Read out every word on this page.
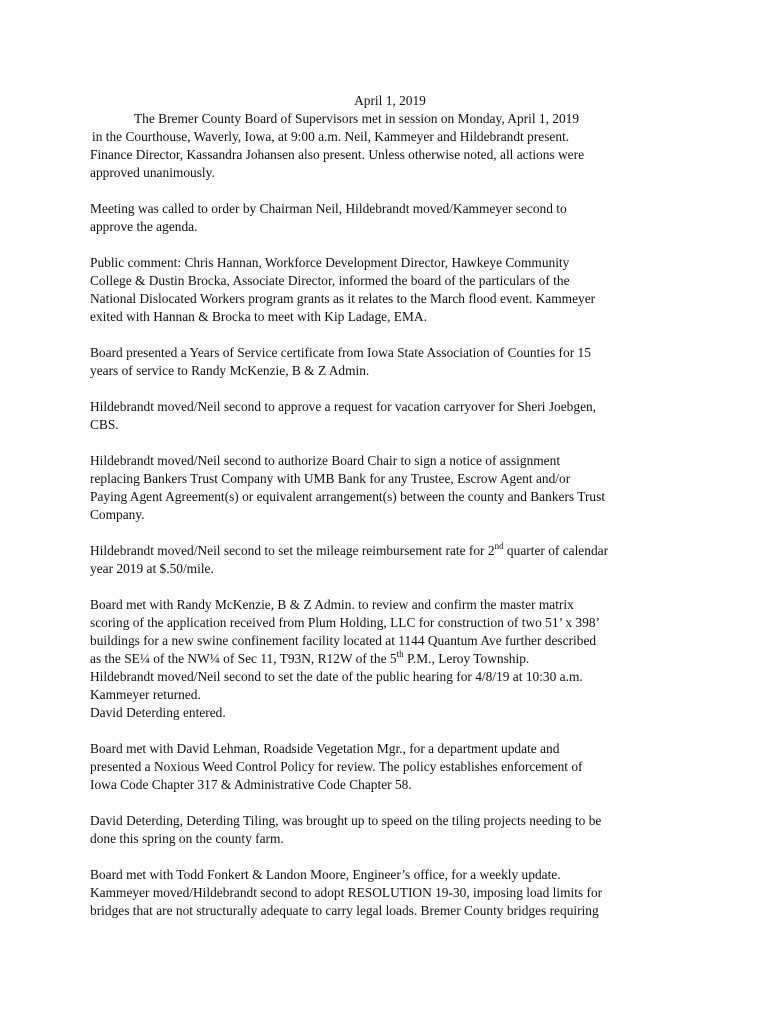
April 1, 2019

The Bremer County Board of Supervisors met in session on Monday, April 1, 2019

in the Courthouse, Waverly, Iowa, at 9:00 a.m. Neil, Kammeyer and Hildebrandt present.

Finance Director, Kassandra Johansen also present. Unless otherwise noted, all actions were

approved unanimously.

Meeting was called to order by Chairman Neil, Hildebrandt moved/Kammeyer second to

approve the agenda.

Public comment: Chris Hannan, Workforce Development Director, Hawkeye Community

College & Dustin Brocka, Associate Director, informed the board of the particulars of the

National Dislocated Workers program grants as it relates to the March flood event. Kammeyer

exited with Hannan & Brocka to meet with Kip Ladage, EMA.

Board presented a Years of Service certificate from Iowa State Association of Counties for 15

years of service to Randy McKenzie, B & Z Admin.

Hildebrandt moved/Neil second to approve a request for vacation carryover for Sheri Joebgen,

CBS.

Hildebrandt moved/Neil second to authorize Board Chair to sign a notice of assignment

replacing Bankers Trust Company with UMB Bank for any Trustee, Escrow Agent and/or

Paying Agent Agreement(s) or equivalent arrangement(s) between the county and Bankers Trust

Company.

Hildebrandt moved/Neil second to set the mileage reimbursement rate for 2nd quarter of calendar

year 2019 at $.50/mile.

Board met with Randy McKenzie, B & Z Admin. to review and confirm the master matrix

scoring of the application received from Plum Holding, LLC for construction of two 51’ x 398’

buildings for a new swine confinement facility located at 1144 Quantum Ave further described

as the SE¼ of the NW¼ of Sec 11, T93N, R12W of the 5th P.M., Leroy Township.

Hildebrandt moved/Neil second to set the date of the public hearing for 4/8/19 at 10:30 a.m.

Kammeyer returned.

David Deterding entered.

Board met with David Lehman, Roadside Vegetation Mgr., for a department update and

presented a Noxious Weed Control Policy for review. The policy establishes enforcement of

Iowa Code Chapter 317 & Administrative Code Chapter 58.

David Deterding, Deterding Tiling, was brought up to speed on the tiling projects needing to be

done this spring on the county farm.

Board met with Todd Fonkert & Landon Moore, Engineer’s office, for a weekly update.

Kammeyer moved/Hildebrandt second to adopt RESOLUTION 19-30, imposing load limits for

bridges that are not structurally adequate to carry legal loads. Bremer County bridges requiring
